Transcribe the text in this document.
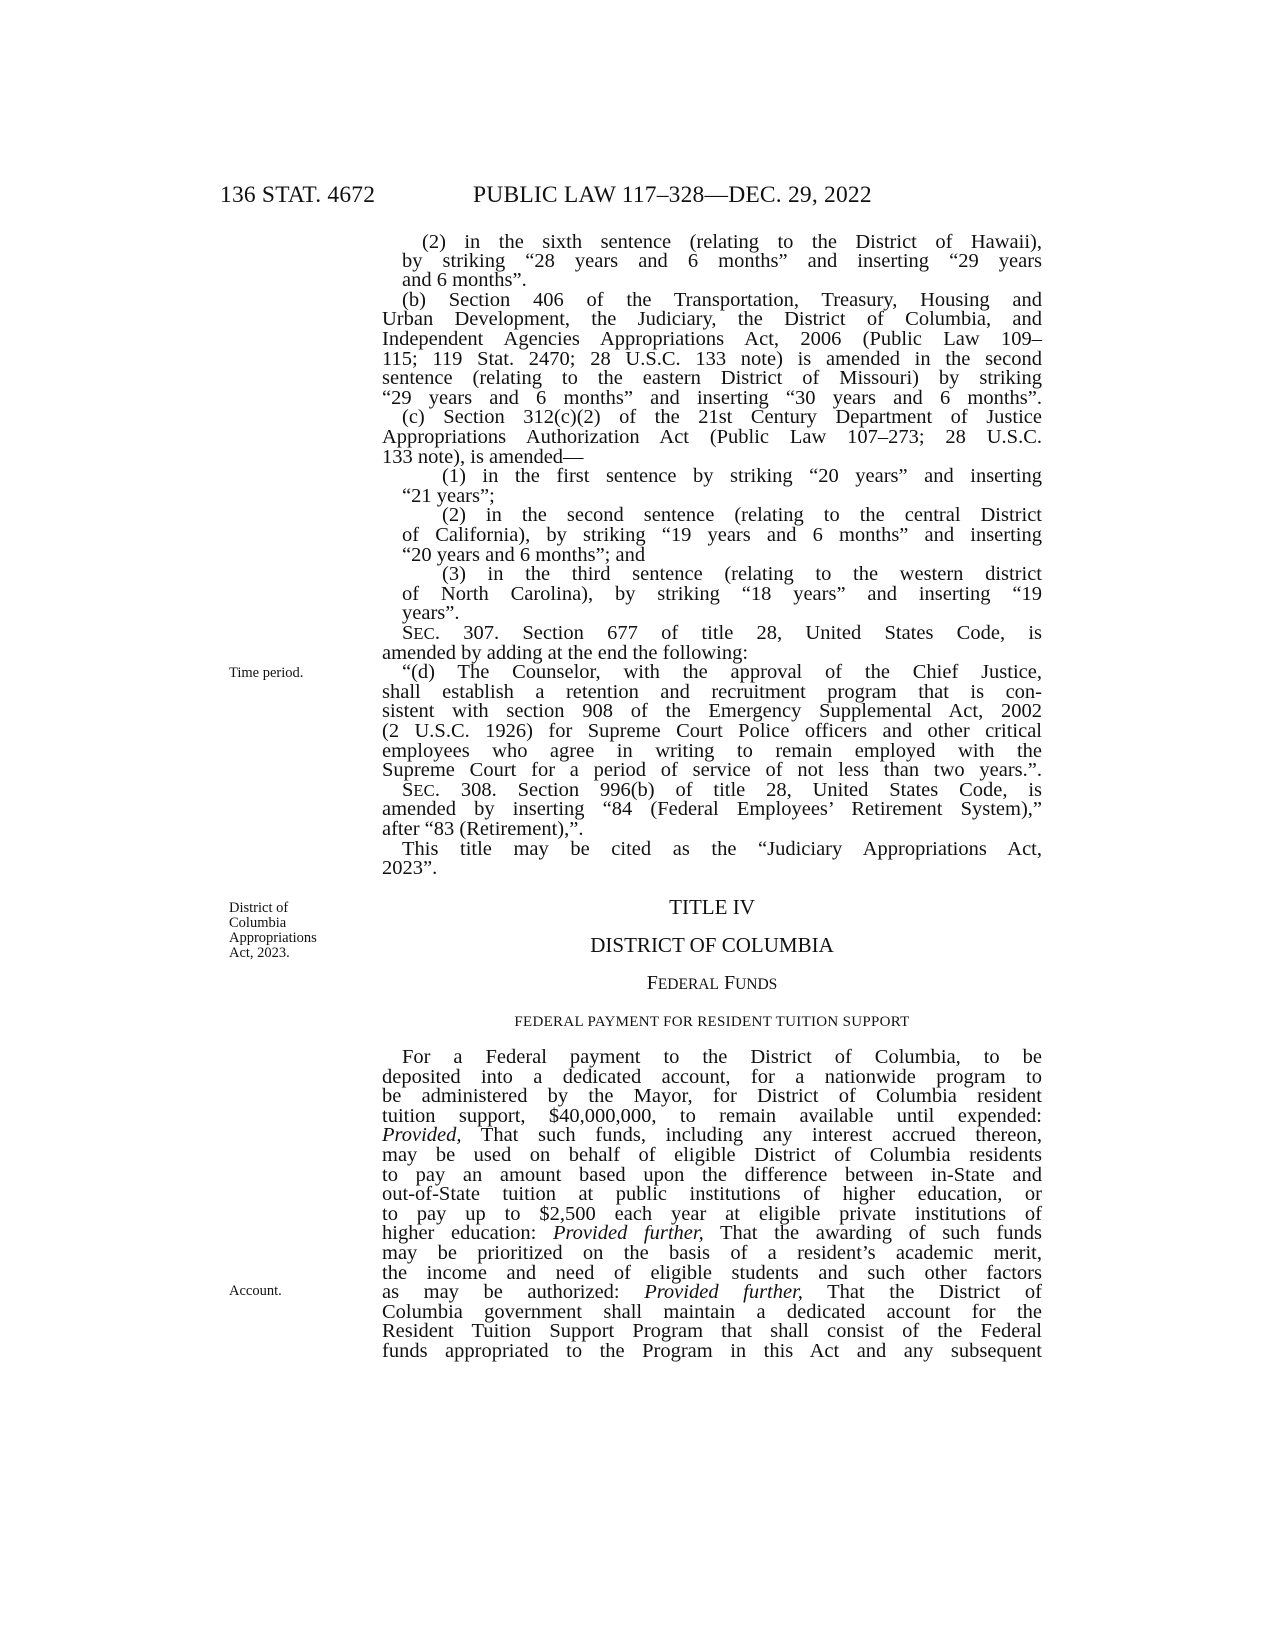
136 STAT. 4672	PUBLIC LAW 117–328—DEC. 29, 2022
Time period.
District of
Columbia
Appropriations
Act, 2023.
Account.
(2) in the sixth sentence (relating to the District of Hawaii),
by striking “28 years and 6 months” and inserting “29 years
and 6 months”.
(b) Section 406 of the Transportation, Treasury, Housing and
Urban Development, the Judiciary, the District of Columbia, and
Independent Agencies Appropriations Act, 2006 (Public Law 109–
115; 119 Stat. 2470; 28 U.S.C. 133 note) is amended in the second
sentence (relating to the eastern District of Missouri) by striking
“29 years and 6 months” and inserting “30 years and 6 months”.
(c) Section 312(c)(2) of the 21st Century Department of Justice
Appropriations Authorization Act (Public Law 107–273; 28 U.S.C.
133 note), is amended—
(1) in the first sentence by striking “20 years” and inserting
“21 years”;
(2) in the second sentence (relating to the central District
of California), by striking “19 years and 6 months” and inserting
“20 years and 6 months”; and
(3) in the third sentence (relating to the western district
of North Carolina), by striking “18 years” and inserting “19
years”.
SEC. 307. Section 677 of title 28, United States Code, is
amended by adding at the end the following:
“(d) The Counselor, with the approval of the Chief Justice,
shall establish a retention and recruitment program that is con-
sistent with section 908 of the Emergency Supplemental Act, 2002
(2 U.S.C. 1926) for Supreme Court Police officers and other critical
employees who agree in writing to remain employed with the
Supreme Court for a period of service of not less than two years.”.
SEC. 308. Section 996(b) of title 28, United States Code, is
amended by inserting “84 (Federal Employees’ Retirement System),”
after “83 (Retirement),”.
This title may be cited as the “Judiciary Appropriations Act,
2023”.
TITLE IV
DISTRICT OF COLUMBIA
FEDERAL FUNDS
FEDERAL PAYMENT FOR RESIDENT TUITION SUPPORT
For a Federal payment to the District of Columbia, to be
deposited into a dedicated account, for a nationwide program to
be administered by the Mayor, for District of Columbia resident
tuition support, $40,000,000, to remain available until expended:
Provided, That such funds, including any interest accrued thereon,
may be used on behalf of eligible District of Columbia residents
to pay an amount based upon the difference between in-State and
out-of-State tuition at public institutions of higher education, or
to pay up to $2,500 each year at eligible private institutions of
higher education: Provided further, That the awarding of such funds
may be prioritized on the basis of a resident’s academic merit,
the income and need of eligible students and such other factors
as may be authorized: Provided further, That the District of
Columbia government shall maintain a dedicated account for the
Resident Tuition Support Program that shall consist of the Federal
funds appropriated to the Program in this Act and any subsequent
